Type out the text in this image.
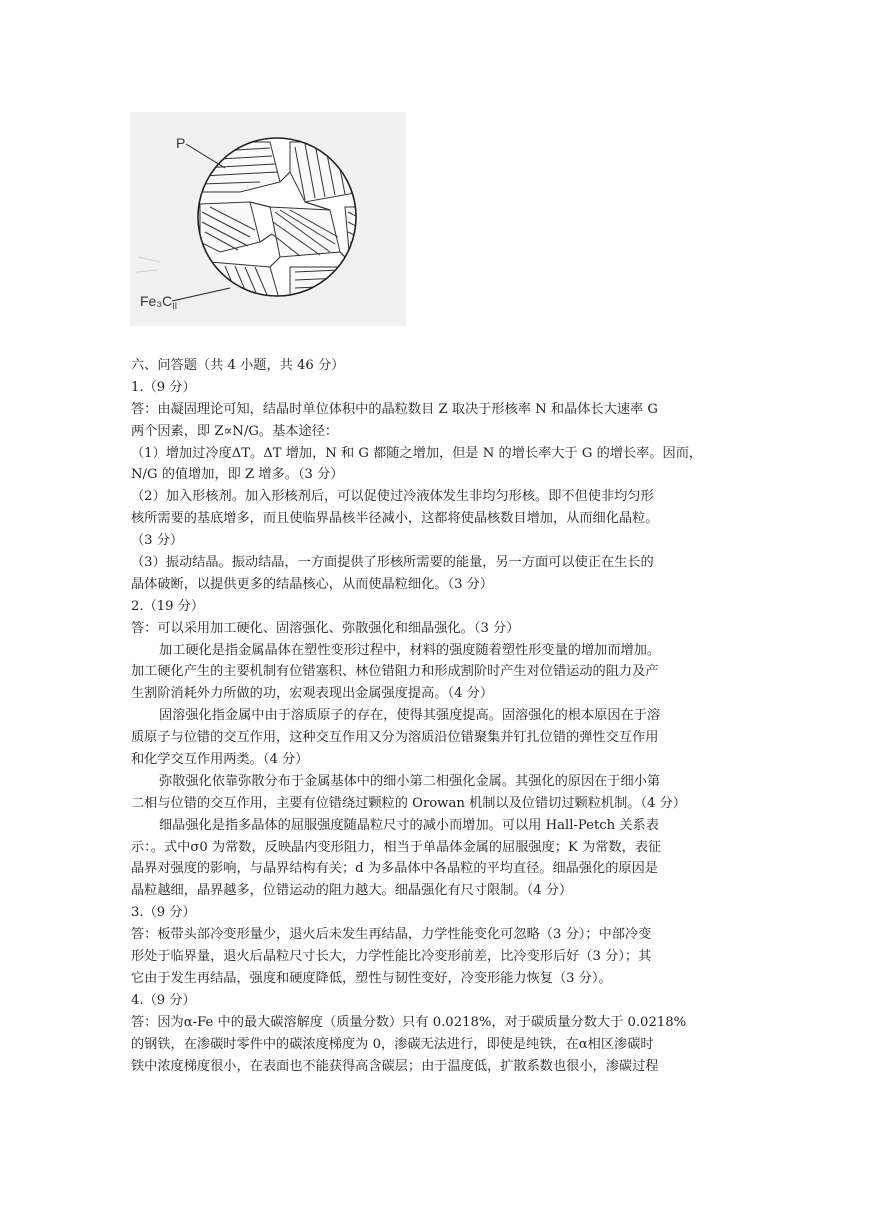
P
$Fe_3C_{II}$
六、问答题（共 4 小题，共 46 分）
1.（9 分）
答：由凝固理论可知，结晶时单位体积中的晶粒数目 Z 取决于形核率 N 和晶体长大速率 G
两个因素，即 Z∝N/G。基本途径：
（1）增加过冷度ΔT。ΔT 增加，N 和 G 都随之增加，但是 N 的增长率大于 G 的增长率。因而，
N/G 的值增加，即 Z 增多。（3 分）
（2）加入形核剂。加入形核剂后，可以促使过冷液体发生非均匀形核。即不但使非均匀形
核所需要的基底增多，而且使临界晶核半径减小，这都将使晶核数目增加，从而细化晶粒。
（3 分）
（3）振动结晶。振动结晶，一方面提供了形核所需要的能量，另一方面可以使正在生长的
晶体破断，以提供更多的结晶核心，从而使晶粒细化。（3 分）
2.（19 分）
答：可以采用加工硬化、固溶强化、弥散强化和细晶强化。（3 分）
加工硬化是指金属晶体在塑性变形过程中，材料的强度随着塑性形变量的增加而增加。
加工硬化产生的主要机制有位错塞积、林位错阻力和形成割阶时产生对位错运动的阻力及产
生割阶消耗外力所做的功，宏观表现出金属强度提高。（4 分）
固溶强化指金属中由于溶质原子的存在，使得其强度提高。固溶强化的根本原因在于溶
质原子与位错的交互作用，这种交互作用又分为溶质沿位错聚集并钉扎位错的弹性交互作用
和化学交互作用两类。（4 分）
弥散强化依靠弥散分布于金属基体中的细小第二相强化金属。其强化的原因在于细小第
二相与位错的交互作用，主要有位错绕过颗粒的 Orowan 机制以及位错切过颗粒机制。（4 分）
细晶强化是指多晶体的屈服强度随晶粒尺寸的减小而增加。可以用 Hall-Petch 关系表
示：。式中σ0 为常数，反映晶内变形阻力，相当于单晶体金属的屈服强度；K 为常数，表征
晶界对强度的影响，与晶界结构有关；d 为多晶体中各晶粒的平均直径。细晶强化的原因是
晶粒越细，晶界越多，位错运动的阻力越大。细晶强化有尺寸限制。（4 分）
3.（9 分）
答：板带头部冷变形量少，退火后未发生再结晶，力学性能变化可忽略（3 分）；中部冷变
形处于临界量，退火后晶粒尺寸长大，力学性能比冷变形前差，比冷变形后好（3 分）；其
它由于发生再结晶，强度和硬度降低，塑性与韧性变好，冷变形能力恢复（3 分）。
4.（9 分）
答：因为α-Fe 中的最大碳溶解度（质量分数）只有 0.0218%，对于碳质量分数大于 0.0218%
的钢铁，在渗碳时零件中的碳浓度梯度为 0，渗碳无法进行，即使是纯铁，在α相区渗碳时
铁中浓度梯度很小，在表面也不能获得高含碳层；由于温度低，扩散系数也很小，渗碳过程
